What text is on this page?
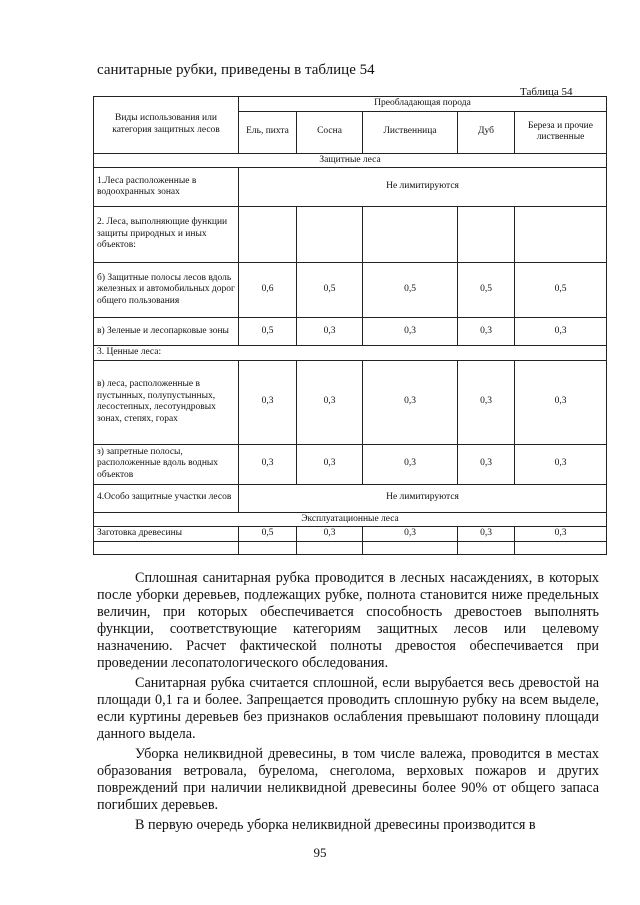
санитарные рубки, приведены в таблице 54
Таблица 54
Виды использования или категория защитных лесов	Преобладающая порода				
	Ель, пихта	Сосна	Лиственница	Дуб	Береза и прочие лиственные
Защитные леса					
1.Леса расположенные в водоохранных зонах	Не лимитируются				
2. Леса, выполняющие функции защиты природных и иных объектов:					
б) Защитные полосы лесов вдоль железных и автомобильных дорог общего пользования	0,6	0,5	0,5	0,5	0,5
в) Зеленые и лесопарковые зоны	0,5	0,3	0,3	0,3	0,3
3. Ценные леса:					
в) леса, расположенные в пустынных, полупустынных, лесостепных, лесотундровых зонах, степях, горах	0,3	0,3	0,3	0,3	0,3
з) запретные полосы, расположенные вдоль водных объектов	0,3	0,3	0,3	0,3	0,3
4.Особо защитные участки лесов	Не лимитируются				
Эксплуатационные леса					
Заготовка древесины	0,5	0,3	0,3	0,3	0,3

Сплошная санитарная рубка проводится в лесных насаждениях, в которых после уборки деревьев, подлежащих рубке, полнота становится ниже предельных величин, при которых обеспечивается способность древостоев выполнять функции, соответствующие категориям защитных лесов или целевому назначению. Расчет фактической полноты древостоя обеспечивается при проведении лесопатологического обследования.

Санитарная рубка считается сплошной, если вырубается весь древостой на площади 0,1 га и более. Запрещается проводить сплошную рубку на всем выделе, если куртины деревьев без признаков ослабления превышают половину площади данного выдела.

Уборка неликвидной древесины, в том числе валежа, проводится в местах образования ветровала, бурелома, снеголома, верховых пожаров и других повреждений при наличии неликвидной древесины более 90% от общего запаса погибших деревьев.

В первую очередь уборка неликвидной древесины производится в

95
